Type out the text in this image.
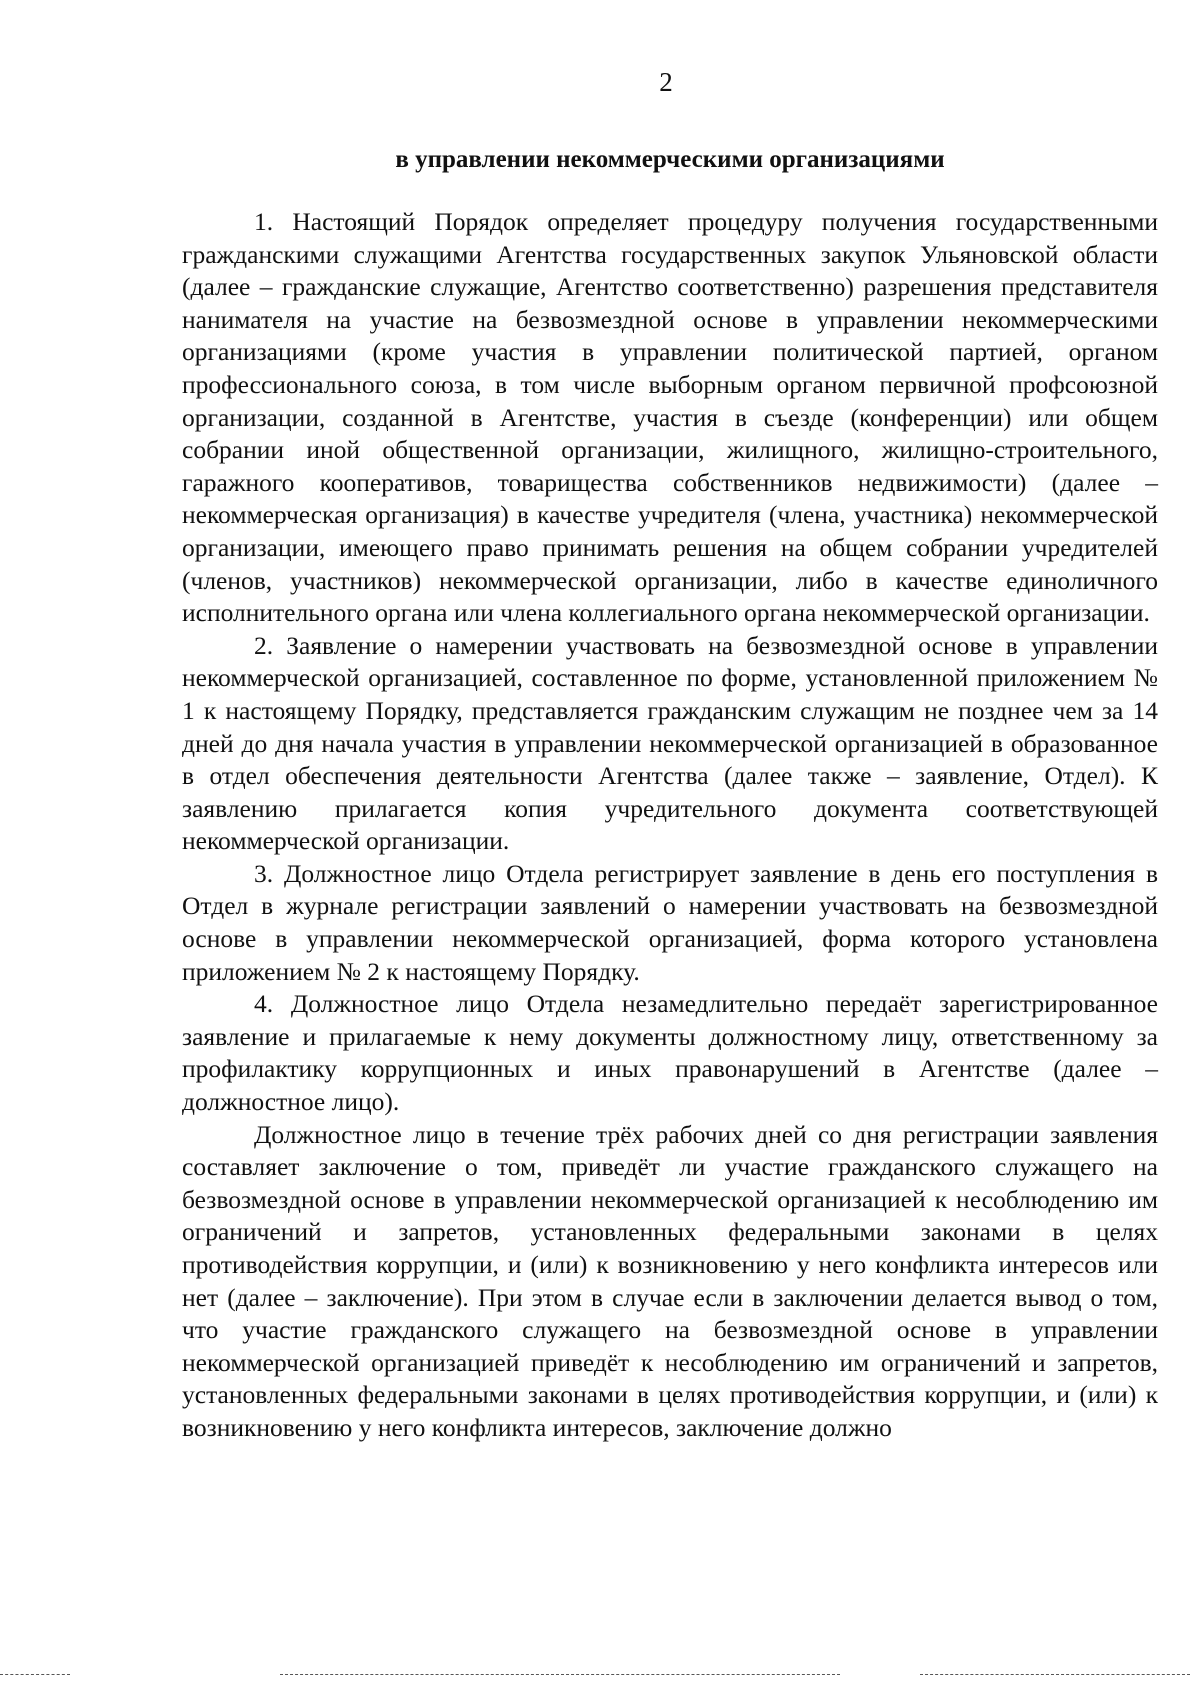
2

в управлении некоммерческими организациями

1. Настоящий Порядок определяет процедуру получения государственными гражданскими служащими Агентства государственных закупок Ульяновской области (далее – гражданские служащие, Агентство соответственно) разрешения представителя нанимателя на участие на безвозмездной основе в управлении некоммерческими организациями (кроме участия в управлении политической партией, органом профессионального союза, в том числе выборным органом первичной профсоюзной организации, созданной в Агентстве, участия в съезде (конференции) или общем собрании иной общественной организации, жилищного, жилищно-строительного, гаражного кооперативов, товарищества собственников недвижимости) (далее – некоммерческая организация) в качестве учредителя (члена, участника) некоммерческой организации, имеющего право принимать решения на общем собрании учредителей (членов, участников) некоммерческой организации, либо в качестве единоличного исполнительного органа или члена коллегиального органа некоммерческой организации.

2. Заявление о намерении участвовать на безвозмездной основе в управлении некоммерческой организацией, составленное по форме, установленной приложением № 1 к настоящему Порядку, представляется гражданским служащим не позднее чем за 14 дней до дня начала участия в управлении некоммерческой организацией в образованное в отдел обеспечения деятельности Агентства (далее также – заявление, Отдел). К заявлению прилагается копия учредительного документа соответствующей некоммерческой организации.

3. Должностное лицо Отдела регистрирует заявление в день его поступления в Отдел в журнале регистрации заявлений о намерении участвовать на безвозмездной основе в управлении некоммерческой организацией, форма которого установлена приложением № 2 к настоящему Порядку.

4. Должностное лицо Отдела незамедлительно передаёт зарегистрированное заявление и прилагаемые к нему документы должностному лицу, ответственному за профилактику коррупционных и иных правонарушений в Агентстве (далее – должностное лицо).

Должностное лицо в течение трёх рабочих дней со дня регистрации заявления составляет заключение о том, приведёт ли участие гражданского служащего на безвозмездной основе в управлении некоммерческой организацией к несоблюдению им ограничений и запретов, установленных федеральными законами в целях противодействия коррупции, и (или) к возникновению у него конфликта интересов или нет (далее – заключение). При этом в случае если в заключении делается вывод о том, что участие гражданского служащего на безвозмездной основе в управлении некоммерческой организацией приведёт к несоблюдению им ограничений и запретов, установленных федеральными законами в целях противодействия коррупции, и (или) к возникновению у него конфликта интересов, заключение должно
